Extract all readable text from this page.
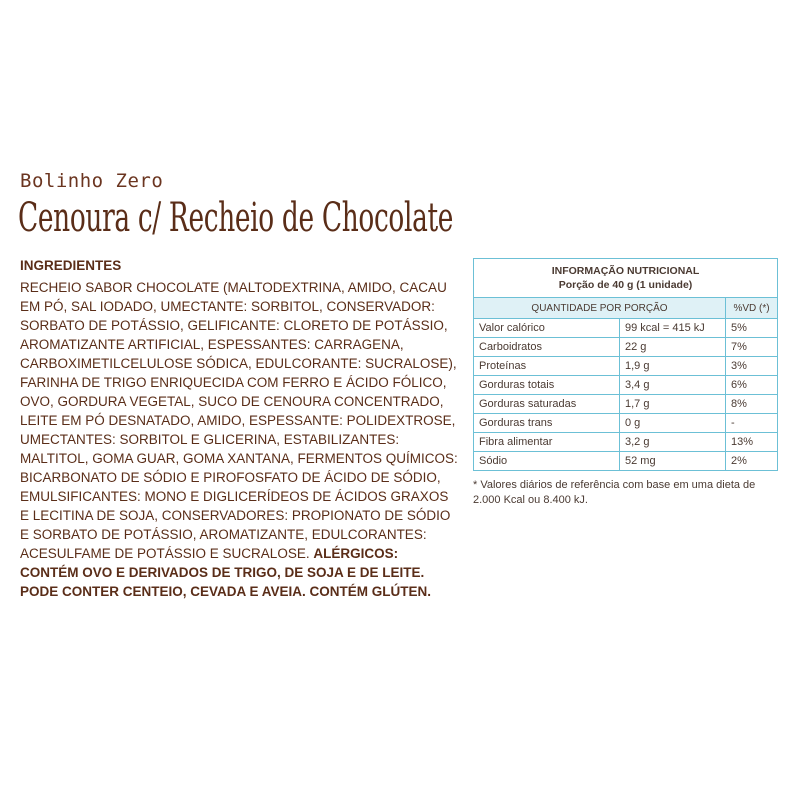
Bolinho Zero
Cenoura c/ Recheio de Chocolate
INGREDIENTES
RECHEIO SABOR CHOCOLATE (MALTODEXTRINA, AMIDO, CACAU EM PÓ, SAL IODADO, UMECTANTE: SORBITOL, CONSERVADOR: SORBATO DE POTÁSSIO, GELIFICANTE: CLORETO DE POTÁSSIO, AROMATIZANTE ARTIFICIAL, ESPESSANTES: CARRAGENA, CARBOXIMETILCELULOSE SÓDICA, EDULCORANTE: SUCRALOSE), FARINHA DE TRIGO ENRIQUECIDA COM FERRO E ÁCIDO FÓLICO, OVO, GORDURA VEGETAL, SUCO DE CENOURA CONCENTRADO, LEITE EM PÓ DESNATADO, AMIDO, ESPESSANTE: POLIDEXTROSE, UMECTANTES: SORBITOL E GLICERINA, ESTABILIZANTES: MALTITOL, GOMA GUAR, GOMA XANTANA, FERMENTOS QUÍMICOS: BICARBONATO DE SÓDIO E PIROFOSFATO DE ÁCIDO DE SÓDIO, EMULSIFICANTES: MONO E DIGLICERÍDEOS DE ÁCIDOS GRAXOS E LECITINA DE SOJA, CONSERVADORES: PROPIONATO DE SÓDIO E SORBATO DE POTÁSSIO, AROMATIZANTE, EDULCORANTES: ACESULFAME DE POTÁSSIO E SUCRALOSE. ALÉRGICOS: CONTÉM OVO E DERIVADOS DE TRIGO, DE SOJA E DE LEITE. PODE CONTER CENTEIO, CEVADA E AVEIA. CONTÉM GLÚTEN.
INFORMAÇÃO NUTRICIONAL
Porção de 40 g (1 unidade)
QUANTIDADE POR PORÇÃO		%VD (*)
Valor calórico	99 kcal = 415 kJ	5%
Carboidratos	22 g	7%
Proteínas	1,9 g	3%
Gorduras totais	3,4 g	6%
Gorduras saturadas	1,7 g	8%
Gorduras trans	0 g	-
Fibra alimentar	3,2 g	13%
Sódio	52 mg	2%
* Valores diários de referência com base em uma dieta de 2.000 Kcal ou 8.400 kJ.
